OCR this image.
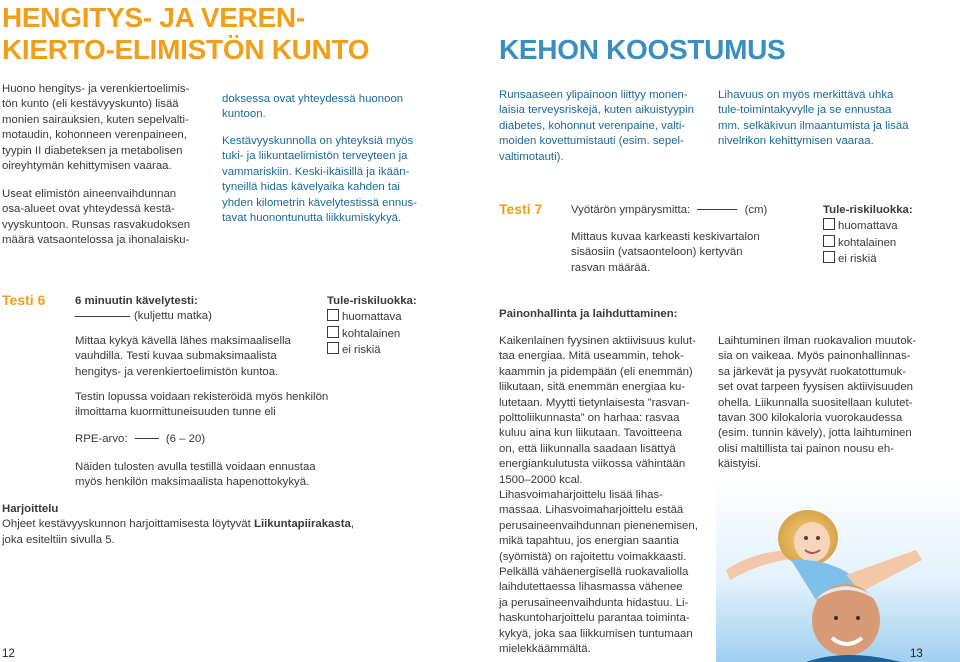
HENGITYS- JA VEREN-
KIERTO-ELIMISTÖN KUNTO	KEHON KOOSTUMUS
Huono hengitys- ja verenkiertoelimis-
tön kunto (eli kestävyyskunto) lisää
monien sairauksien, kuten sepelvalti-
motaudin, kohonneen verenpaineen,
tyypin II diabeteksen ja metabolisen
oireyhtymän kehittymisen vaaraa.
Useat elimistön aineenvaihdunnan
osa-alueet ovat yhteydessä kestä-
vyyskuntoon. Runsas rasvakudoksen
määrä vatsaontelossa ja ihonalaisku-
doksessa ovat yhteydessä huonoon
kuntoon.
Kestävyyskunnolla on yhteyksiä myös
tuki- ja liikuntaelimistön terveyteen ja
vammariskiin. Keski-ikäisillä ja ikään-
tyneillä hidas kävelyaika kahden tai
yhden kilometrin kävelytestissä ennus-
tavat huonontunutta liikkumiskykyä.
Runsaaseen ylipainoon liittyy monen-
laisia terveysriskejä, kuten aikuistyypin
diabetes, kohonnut verenpaine, valti-
moiden kovettumistauti (esim. sepel-
valtimotauti).
Lihavuus on myös merkittävä uhka
tule-toimintakyvylle ja se ennustaa
mm. selkäkivun ilmaantumista ja lisää
nivelrikon kehittymisen vaaraa.
Testi 7	Vyötärön ympärysmitta:	(cm)
Mittaus kuvaa karkeasti keskivartalon
sisäosiin (vatsaonteloon) kertyvän
rasvan määrää.
Tule-riskiluokka:
huomattava
kohtalainen
ei riskiä
Testi 6	6 minuutin kävelytesti:
(kuljettu matka)
Tule-riskiluokka:
huomattava
kohtalainen
ei riskiä
Mittaa kykyä kävellä lähes maksimaalisella
vauhdilla. Testi kuvaa submaksimaalista
hengitys- ja verenkiertoelimistön kuntoa.
Testin lopussa voidaan rekisteröidä myös henkilön
ilmoittama kuormittuneisuuden tunne eli
RPE-arvo:	(6 – 20)
Näiden tulosten avulla testillä voidaan ennustaa
myös henkilön maksimaalista hapenottokykyä.
Harjoittelu
Ohjeet kestävyyskunnon harjoittamisesta löytyvät Liikuntapiirakasta,
joka esiteltiin sivulla 5.
Painonhallinta ja laihduttaminen:
Kaikenlainen fyysinen aktiivisuus kulut-
taa energiaa. Mitä useammin, tehok-
kaammin ja pidempään (eli enemmän)
liikutaan, sitä enemmän energiaa ku-
lutetaan. Myytti tietynlaisesta ”rasvan-
polttoliikunnasta” on harhaa: rasvaa
kuluu aina kun liikutaan. Tavoitteena
on, että liikunnalla saadaan lisättyä
energiankulutusta viikossa vähintään
1500–2000 kcal.
Lihasvoimaharjoittelu lisää lihas-
massaa. Lihasvoimaharjoittelu estää
perusaineenvaihdunnan pienenemisen,
mikä tapahtuu, jos energian saantia
(syömistä) on rajoitettu voimakkaasti.
Pelkällä vähäenergisellä ruokavaliolla
laihdutettaessa lihasmassa vähenee
ja perusaineenvaihdunta hidastuu. Li-
haskuntoharjoittelu parantaa toiminta-
kykyä, joka saa liikkumisen tuntumaan
mielekkäämmältä.
Laihtuminen ilman ruokavalion muutok-
sia on vaikeaa. Myös painonhallinnas-
sa järkevät ja pysyvät ruokatottumuk-
set ovat tarpeen fyysisen aktiivisuuden
ohella. Liikunnalla suositellaan kulutet-
tavan 300 kilokaloria vuorokaudessa
(esim. tunnin kävely), jotta laihtuminen
olisi maltillista tai painon nousu eh-
käistyisi.
12	13
